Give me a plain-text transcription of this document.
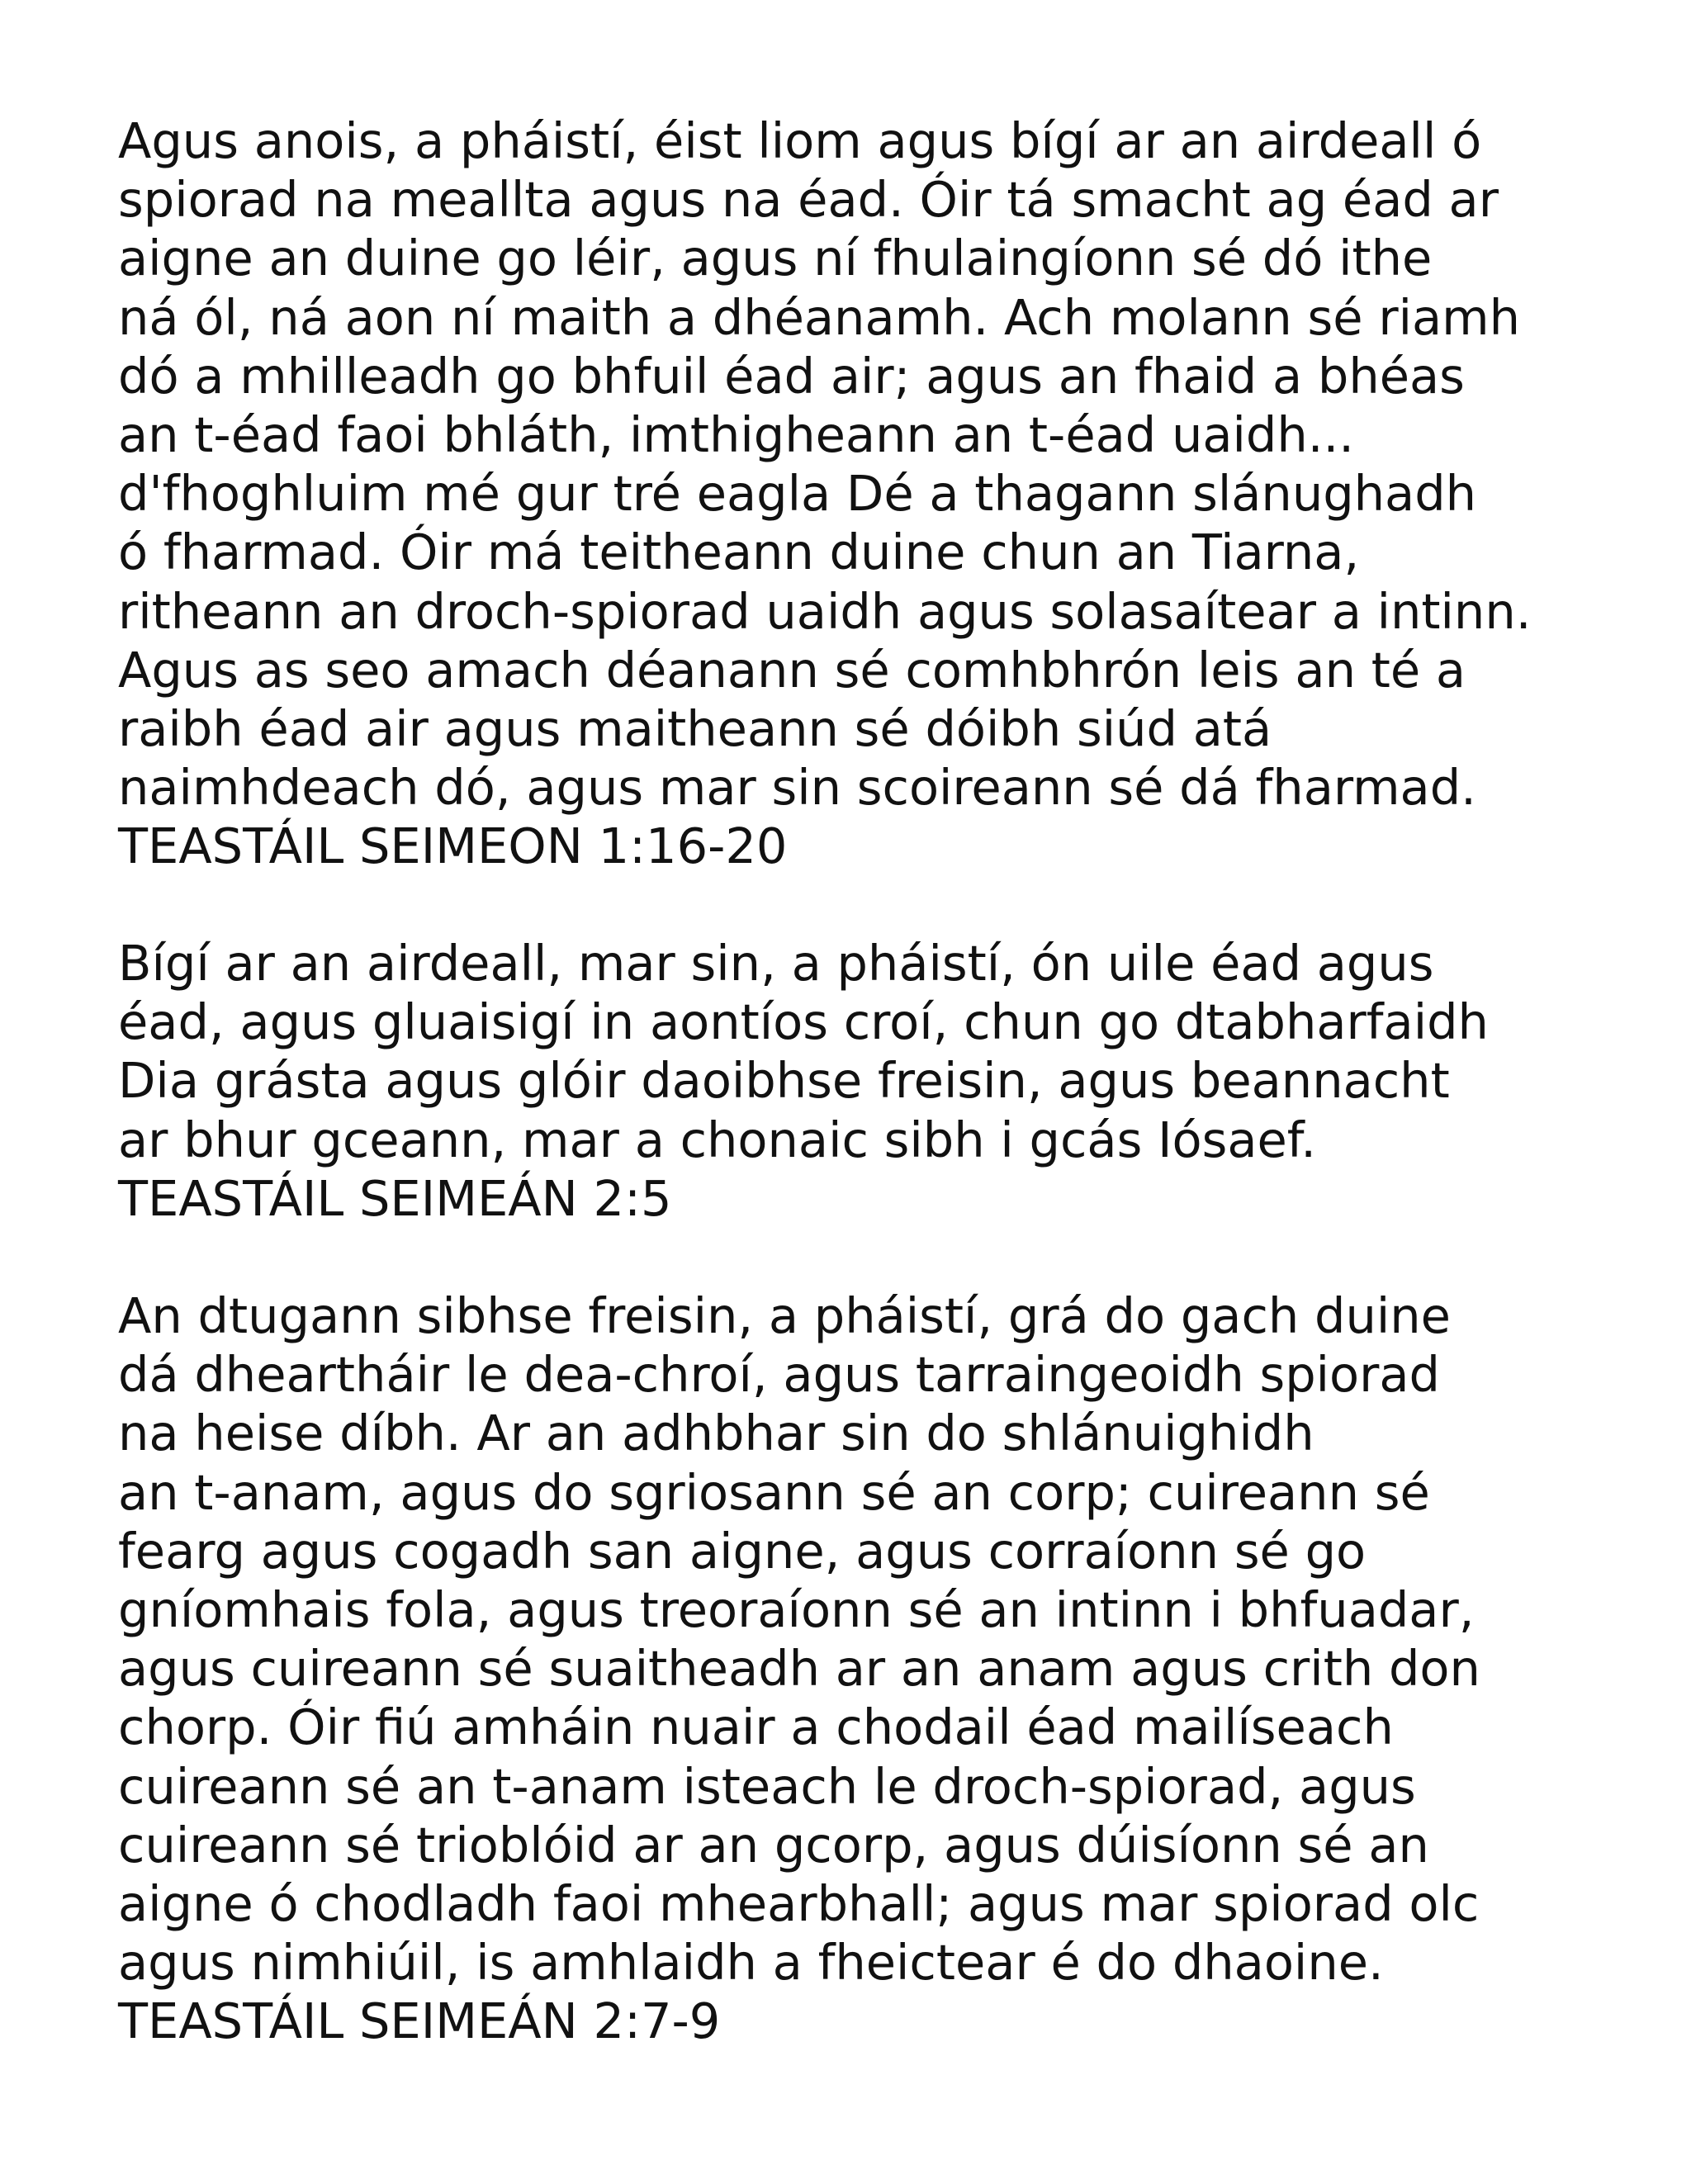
Agus anois, a pháistí, éist liom agus bígí ar an airdeall ó
spiorad na meallta agus na éad. Óir tá smacht ag éad ar
aigne an duine go léir, agus ní fhulaingíonn sé dó ithe
ná ól, ná aon ní maith a dhéanamh. Ach molann sé riamh
dó a mhilleadh go bhfuil éad air; agus an fhaid a bhéas
an t-éad faoi bhláth, imthigheann an t-éad uaidh...
d'fhoghluim mé gur tré eagla Dé a thagann slánughadh
ó fharmad. Óir má teitheann duine chun an Tiarna,
ritheann an droch-spiorad uaidh agus solasaítear a intinn.
Agus as seo amach déanann sé comhbhrón leis an té a
raibh éad air agus maitheann sé dóibh siúd atá
naimhdeach dó, agus mar sin scoireann sé dá fharmad.
TEASTÁIL SEIMEON 1:16-20
Bígí ar an airdeall, mar sin, a pháistí, ón uile éad agus
éad, agus gluaisigí in aontíos croí, chun go dtabharfaidh
Dia grásta agus glóir daoibhse freisin, agus beannacht
ar bhur gceann, mar a chonaic sibh i gcás Iósaef.
TEASTÁIL SEIMEÁN 2:5
An dtugann sibhse freisin, a pháistí, grá do gach duine
dá dheartháir le dea-chroí, agus tarraingeoidh spiorad
na heise díbh. Ar an adhbhar sin do shlánuighidh
an t-anam, agus do sgriosann sé an corp; cuireann sé
fearg agus cogadh san aigne, agus corraíonn sé go
gníomhais fola, agus treoraíonn sé an intinn i bhfuadar,
agus cuireann sé suaitheadh ar an anam agus crith don
chorp. Óir fiú amháin nuair a chodail éad mailíseach
cuireann sé an t-anam isteach le droch-spiorad, agus
cuireann sé trioblóid ar an gcorp, agus dúisíonn sé an
aigne ó chodladh faoi mhearbhall; agus mar spiorad olc
agus nimhiúil, is amhlaidh a fheictear é do dhaoine.
TEASTÁIL SEIMEÁN 2:7-9
